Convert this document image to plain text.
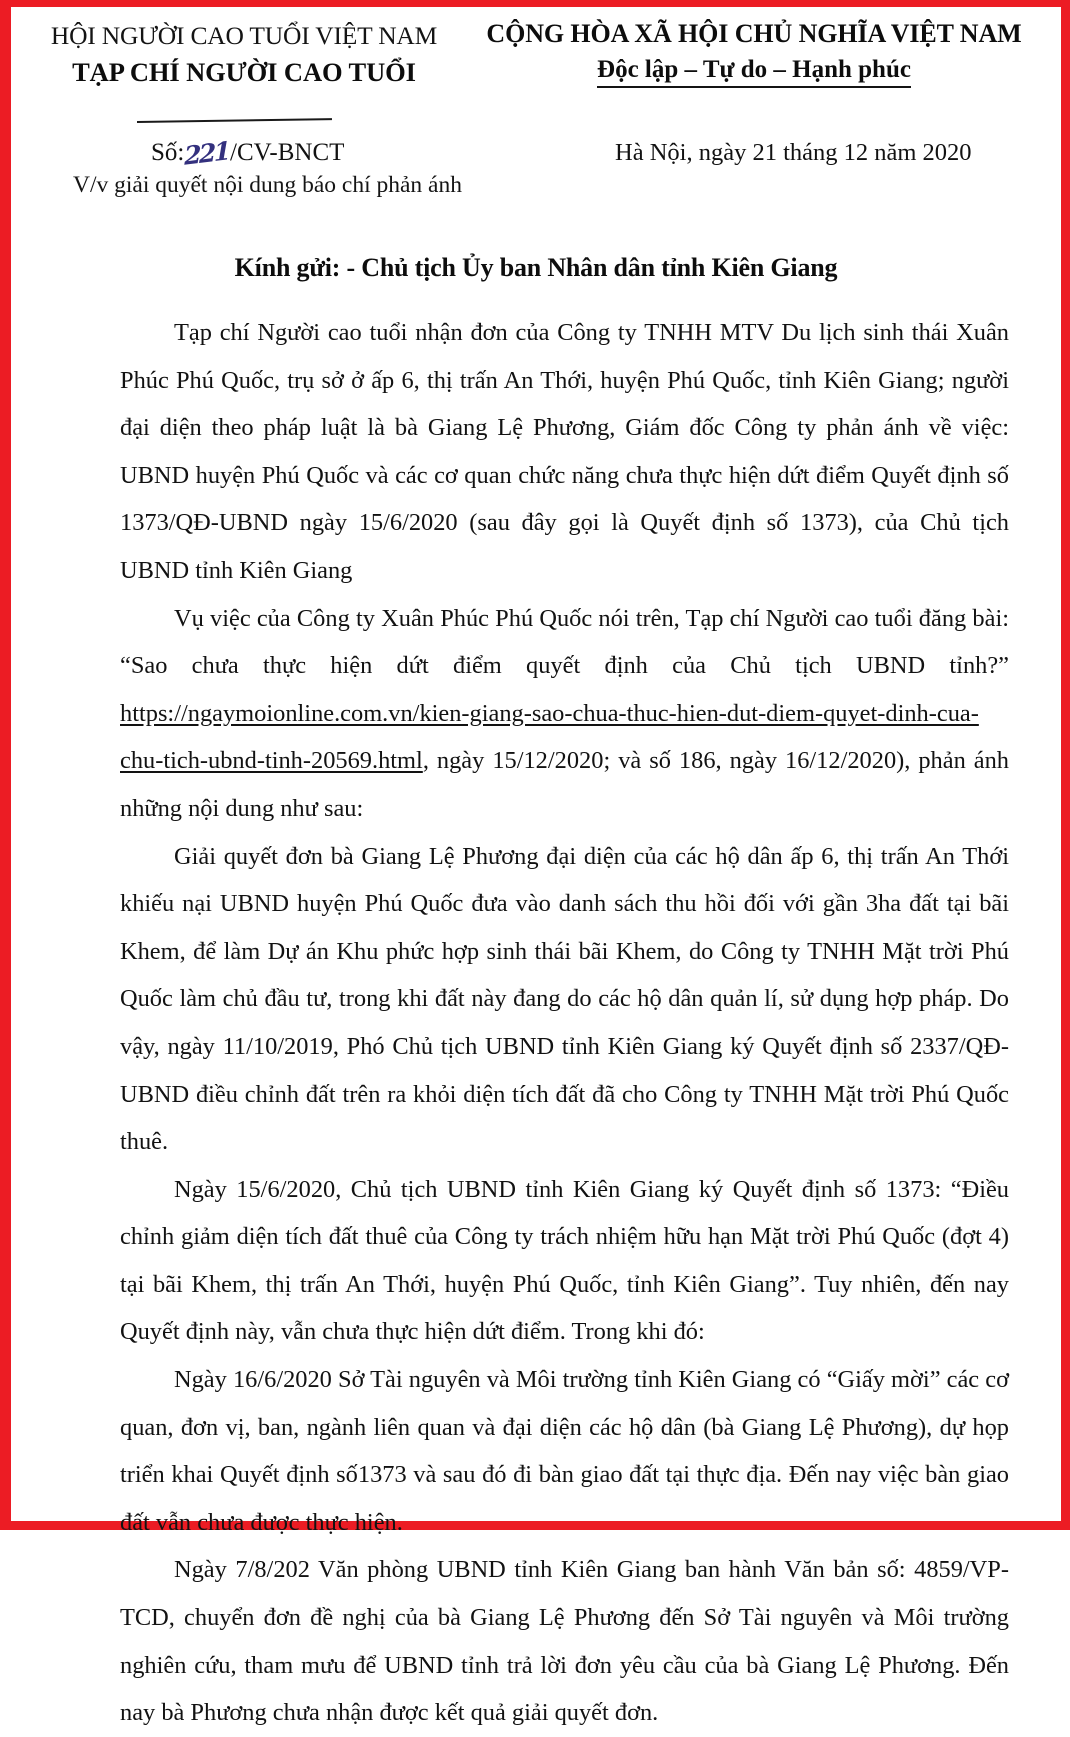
HỘI NGƯỜI CAO TUỔI VIỆT NAM
TẠP CHÍ NGƯỜI CAO TUỔI
CỘNG HÒA XÃ HỘI CHỦ NGHĨA VIỆT NAM
Độc lập – Tự do – Hạnh phúc
Số:221/CV-BNCT
V/v giải quyết nội dung báo chí phản ánh
Hà Nội, ngày 21 tháng 12 năm 2020
Kính gửi: - Chủ tịch Ủy ban Nhân dân tỉnh Kiên Giang

Tạp chí Người cao tuổi nhận đơn của Công ty TNHH MTV Du lịch sinh thái Xuân Phúc Phú Quốc, trụ sở ở ấp 6, thị trấn An Thới, huyện Phú Quốc, tỉnh Kiên Giang; người đại diện theo pháp luật là bà Giang Lệ Phương, Giám đốc Công ty phản ánh về việc: UBND huyện Phú Quốc và các cơ quan chức năng chưa thực hiện dứt điểm Quyết định số 1373/QĐ-UBND ngày 15/6/2020 (sau đây gọi là Quyết định số 1373), của Chủ tịch UBND tỉnh Kiên Giang

Vụ việc của Công ty Xuân Phúc Phú Quốc nói trên, Tạp chí Người cao tuổi đăng bài: “Sao chưa thực hiện dứt điểm quyết định của Chủ tịch UBND tỉnh?” https://ngaymoionline.com.vn/kien-giang-sao-chua-thuc-hien-dut-diem-quyet-dinh-cua-chu-tich-ubnd-tinh-20569.html, ngày 15/12/2020; và số 186, ngày 16/12/2020), phản ánh những nội dung như sau:

Giải quyết đơn bà Giang Lệ Phương đại diện của các hộ dân ấp 6, thị trấn An Thới khiếu nại UBND huyện Phú Quốc đưa vào danh sách thu hồi đối với gần 3ha đất tại bãi Khem, để làm Dự án Khu phức hợp sinh thái bãi Khem, do Công ty TNHH Mặt trời Phú Quốc làm chủ đầu tư, trong khi đất này đang do các hộ dân quản lí, sử dụng hợp pháp. Do vậy, ngày 11/10/2019, Phó Chủ tịch UBND tỉnh Kiên Giang ký Quyết định số 2337/QĐ-UBND điều chỉnh đất trên ra khỏi diện tích đất đã cho Công ty TNHH Mặt trời Phú Quốc thuê.

Ngày 15/6/2020, Chủ tịch UBND tỉnh Kiên Giang ký Quyết định số 1373: “Điều chỉnh giảm diện tích đất thuê của Công ty trách nhiệm hữu hạn Mặt trời Phú Quốc (đợt 4) tại bãi Khem, thị trấn An Thới, huyện Phú Quốc, tỉnh Kiên Giang”. Tuy nhiên, đến nay Quyết định này, vẫn chưa thực hiện dứt điểm. Trong khi đó:

Ngày 16/6/2020 Sở Tài nguyên và Môi trường tỉnh Kiên Giang có “Giấy mời” các cơ quan, đơn vị, ban, ngành liên quan và đại diện các hộ dân (bà Giang Lệ Phương), dự họp triển khai Quyết định số1373 và sau đó đi bàn giao đất tại thực địa. Đến nay việc bàn giao đất vẫn chưa được thực hiện.

Ngày 7/8/202 Văn phòng UBND tỉnh Kiên Giang ban hành Văn bản số: 4859/VP-TCD, chuyển đơn đề nghị của bà Giang Lệ Phương đến Sở Tài nguyên và Môi trường nghiên cứu, tham mưu để UBND tỉnh trả lời đơn yêu cầu của bà Giang Lệ Phương. Đến nay bà Phương chưa nhận được kết quả giải quyết đơn.
